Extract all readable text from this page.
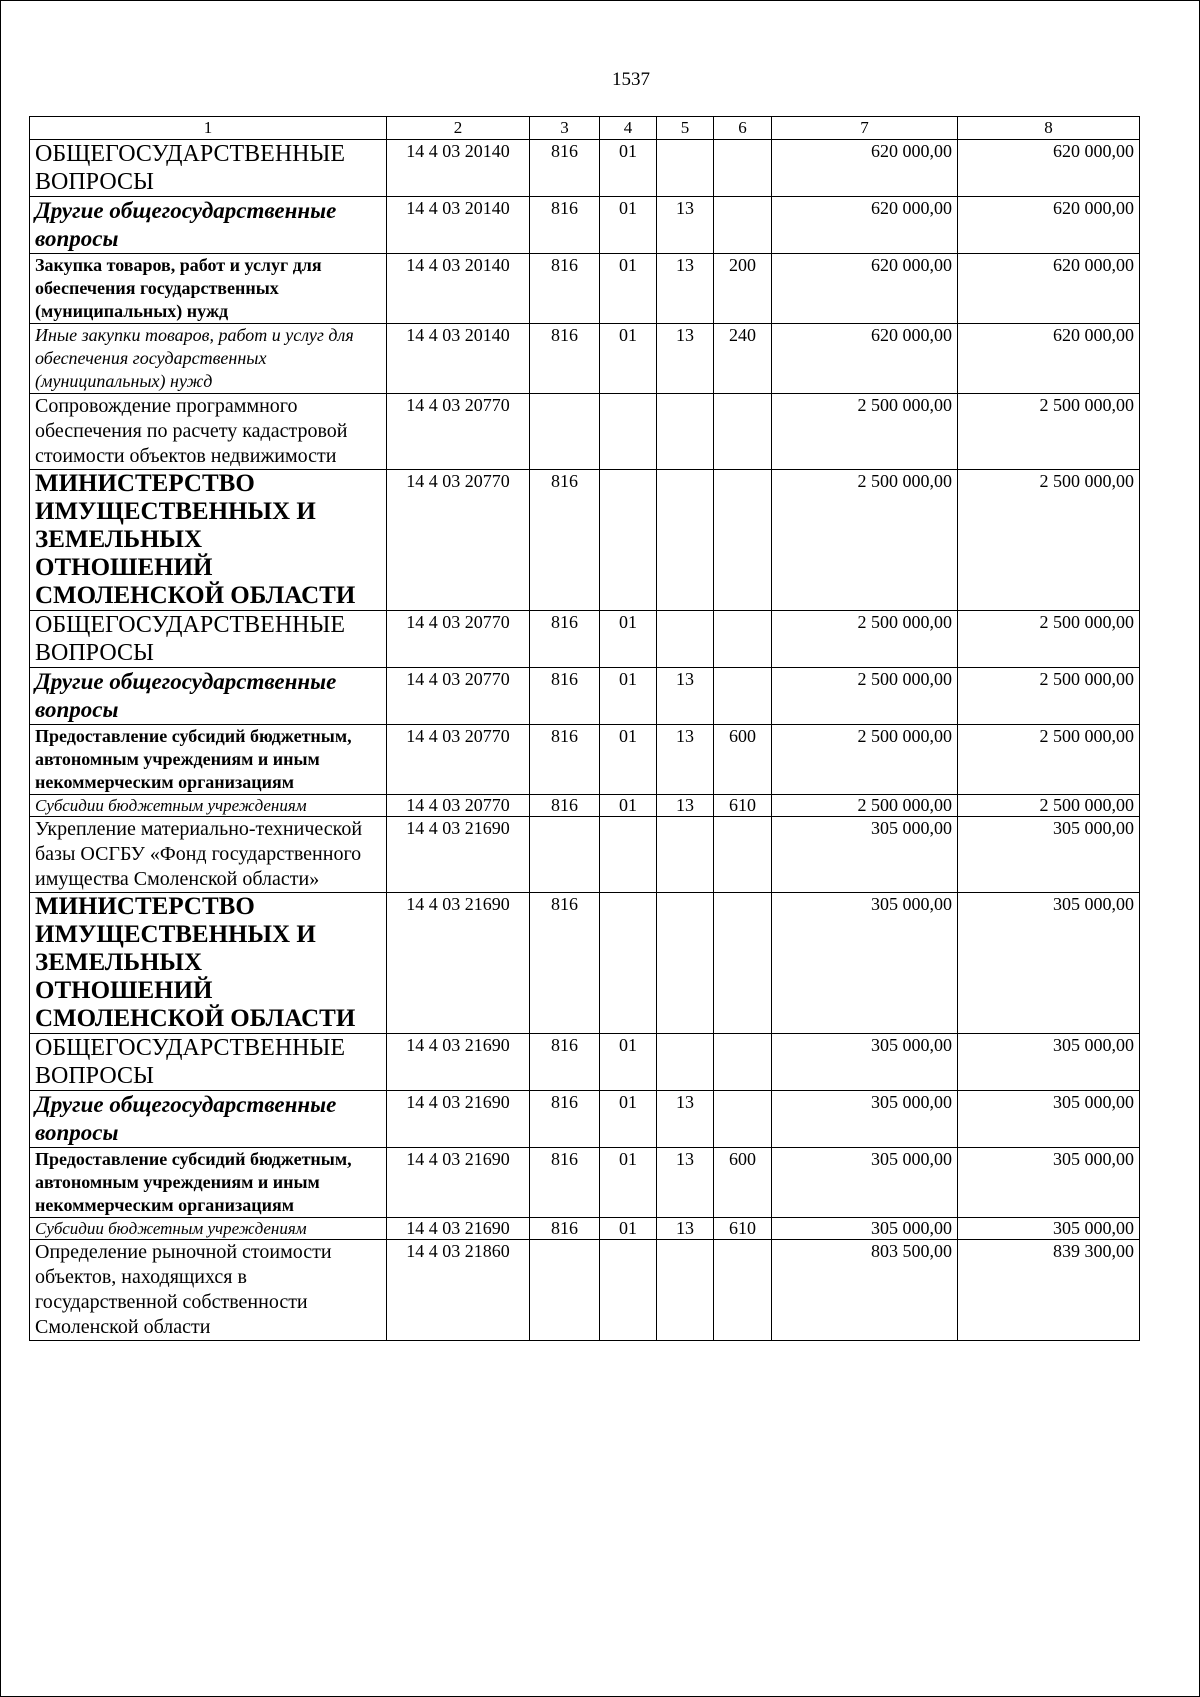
1537
1	2	3	4	5	6	7	8
ОБЩЕГОСУДАРСТВЕННЫЕ ВОПРОСЫ	14 4 03 20140	816	01			620 000,00	620 000,00
Другие общегосударственные вопросы	14 4 03 20140	816	01	13		620 000,00	620 000,00
Закупка товаров, работ и услуг для обеспечения государственных (муниципальных) нужд	14 4 03 20140	816	01	13	200	620 000,00	620 000,00
Иные закупки товаров, работ и услуг для обеспечения государственных (муниципальных) нужд	14 4 03 20140	816	01	13	240	620 000,00	620 000,00
Сопровождение программного обеспечения по расчету кадастровой стоимости объектов недвижимости	14 4 03 20770					2 500 000,00	2 500 000,00
МИНИСТЕРСТВО ИМУЩЕСТВЕННЫХ И ЗЕМЕЛЬНЫХ ОТНОШЕНИЙ СМОЛЕНСКОЙ ОБЛАСТИ	14 4 03 20770	816				2 500 000,00	2 500 000,00
ОБЩЕГОСУДАРСТВЕННЫЕ ВОПРОСЫ	14 4 03 20770	816	01			2 500 000,00	2 500 000,00
Другие общегосударственные вопросы	14 4 03 20770	816	01	13		2 500 000,00	2 500 000,00
Предоставление субсидий бюджетным, автономным учреждениям и иным некоммерческим организациям	14 4 03 20770	816	01	13	600	2 500 000,00	2 500 000,00
Субсидии бюджетным учреждениям	14 4 03 20770	816	01	13	610	2 500 000,00	2 500 000,00
Укрепление материально-технической базы ОСГБУ «Фонд государственного имущества Смоленской области»	14 4 03 21690					305 000,00	305 000,00
МИНИСТЕРСТВО ИМУЩЕСТВЕННЫХ И ЗЕМЕЛЬНЫХ ОТНОШЕНИЙ СМОЛЕНСКОЙ ОБЛАСТИ	14 4 03 21690	816				305 000,00	305 000,00
ОБЩЕГОСУДАРСТВЕННЫЕ ВОПРОСЫ	14 4 03 21690	816	01			305 000,00	305 000,00
Другие общегосударственные вопросы	14 4 03 21690	816	01	13		305 000,00	305 000,00
Предоставление субсидий бюджетным, автономным учреждениям и иным некоммерческим организациям	14 4 03 21690	816	01	13	600	305 000,00	305 000,00
Субсидии бюджетным учреждениям	14 4 03 21690	816	01	13	610	305 000,00	305 000,00
Определение рыночной стоимости объектов, находящихся в государственной собственности Смоленской области	14 4 03 21860					803 500,00	839 300,00
